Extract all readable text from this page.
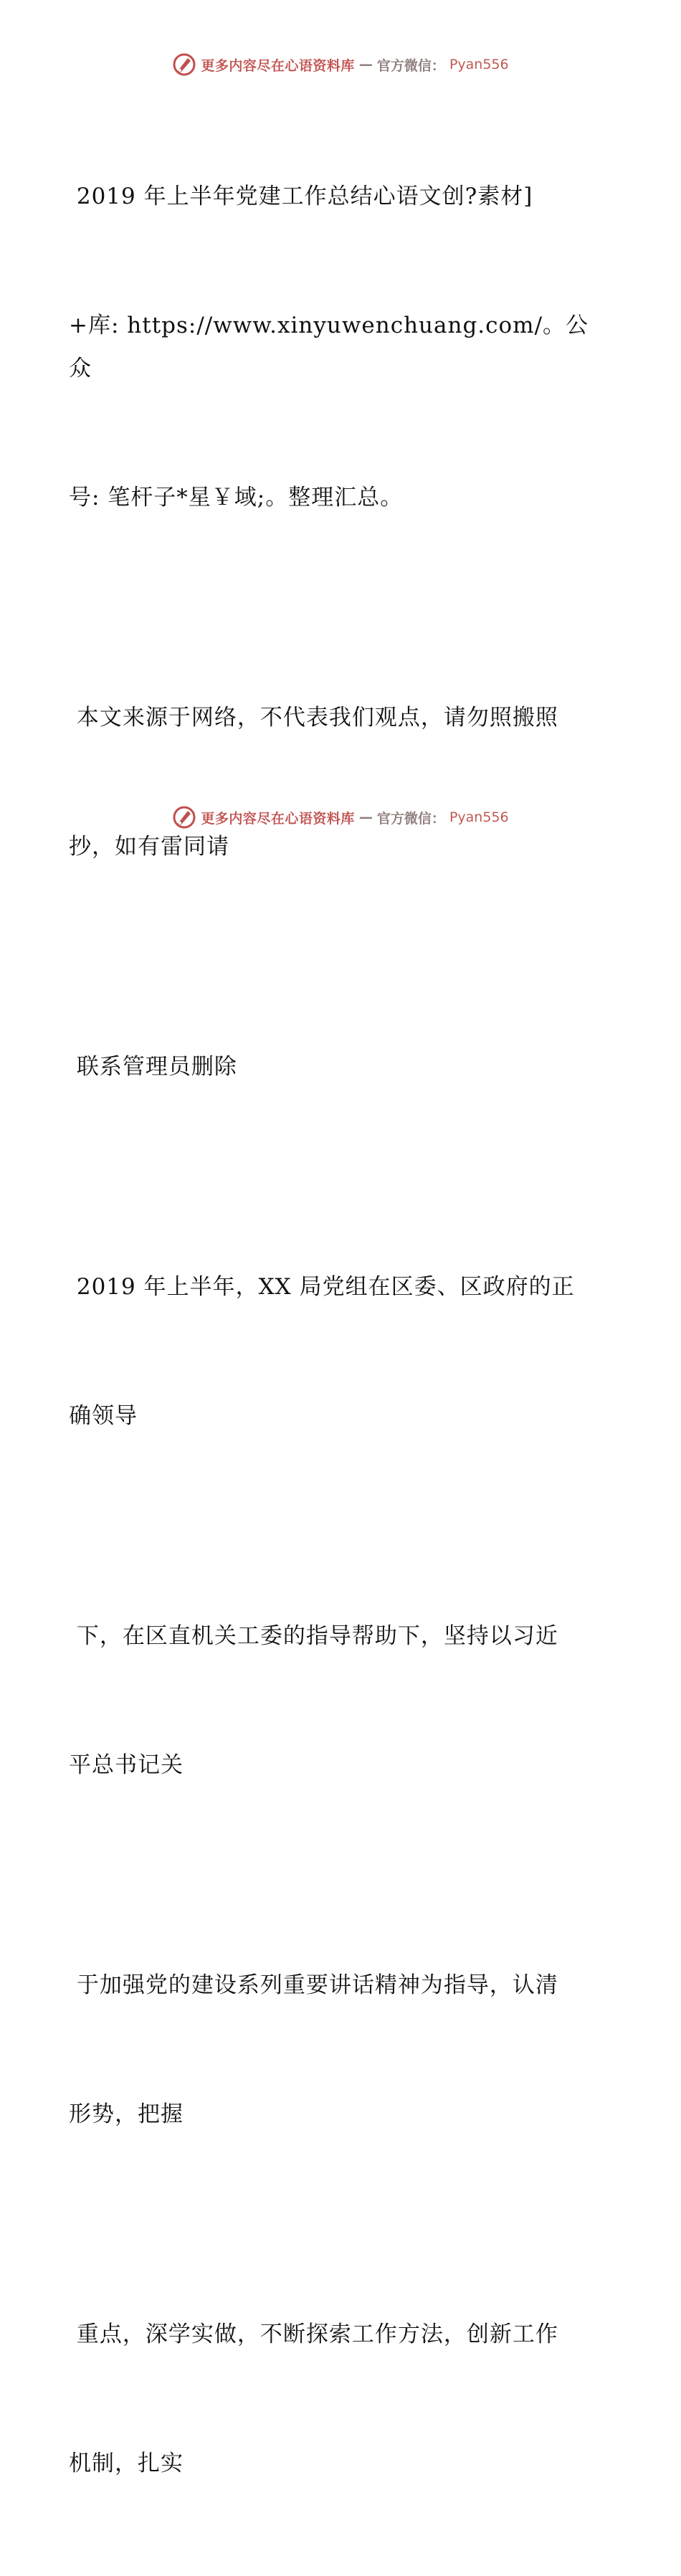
更多内容尽在心语资料库 — 官方微信： Pyan556

2019 年上半年党建工作总结心语文创?素材]

+库: https://www.xinyuwenchuang.com/。公众

号: 笔杆子*星￥域;。整理汇总。

本文来源于网络，不代表我们观点，请勿照搬照

抄，如有雷同请

联系管理员删除

2019 年上半年，XX 局党组在区委、区政府的正

确领导

下，在区直机关工委的指导帮助下，坚持以习近

平总书记关

于加强党的建设系列重要讲话精神为指导，认清

形势，把握

重点，深学实做，不断探索工作方法，创新工作

机制，扎实

更多内容尽在心语资料库 — 官方微信： Pyan556
